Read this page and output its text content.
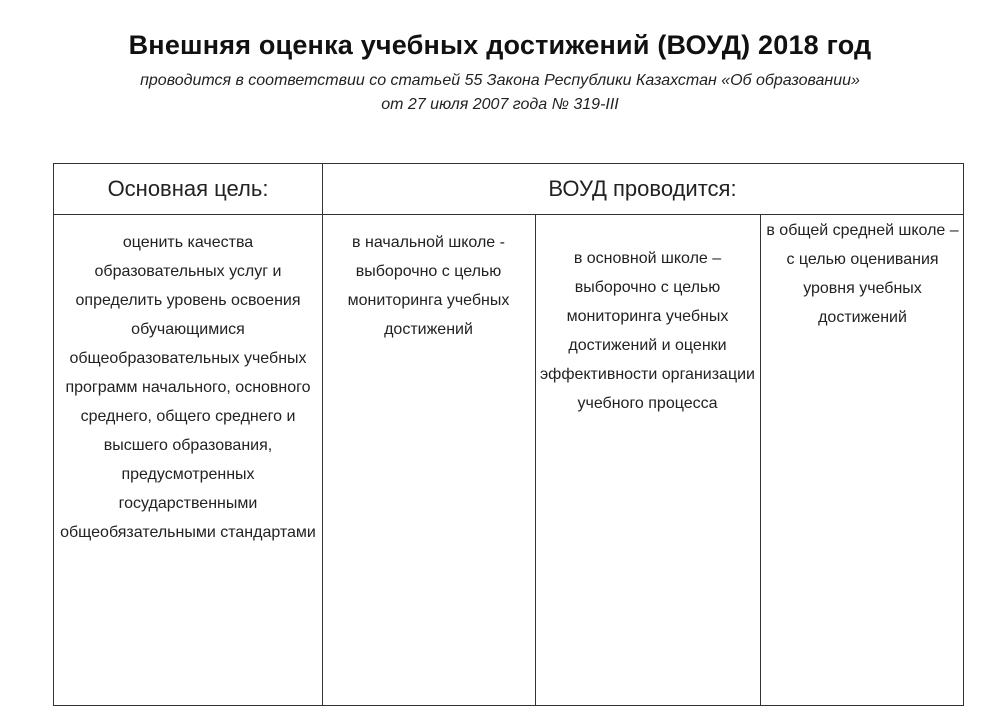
Внешняя оценка учебных достижений (ВОУД) 2018 год
проводится в соответствии со статьей 55 Закона Республики Казахстан «Об образовании»
от 27 июля 2007 года № 319-III
Основная цель:	ВОУД проводится:
оценить качества образовательных услуг и определить уровень освоения обучающимися общеобразовательных учебных программ начального, основного среднего, общего среднего и высшего образования, предусмотренных государственными общеобязательными стандартами
в начальной школе - выборочно с целью мониторинга учебных достижений
в основной школе – выборочно с целью мониторинга учебных достижений и оценки эффективности организации учебного процесса
в общей средней школе – с целью оценивания уровня учебных достижений
